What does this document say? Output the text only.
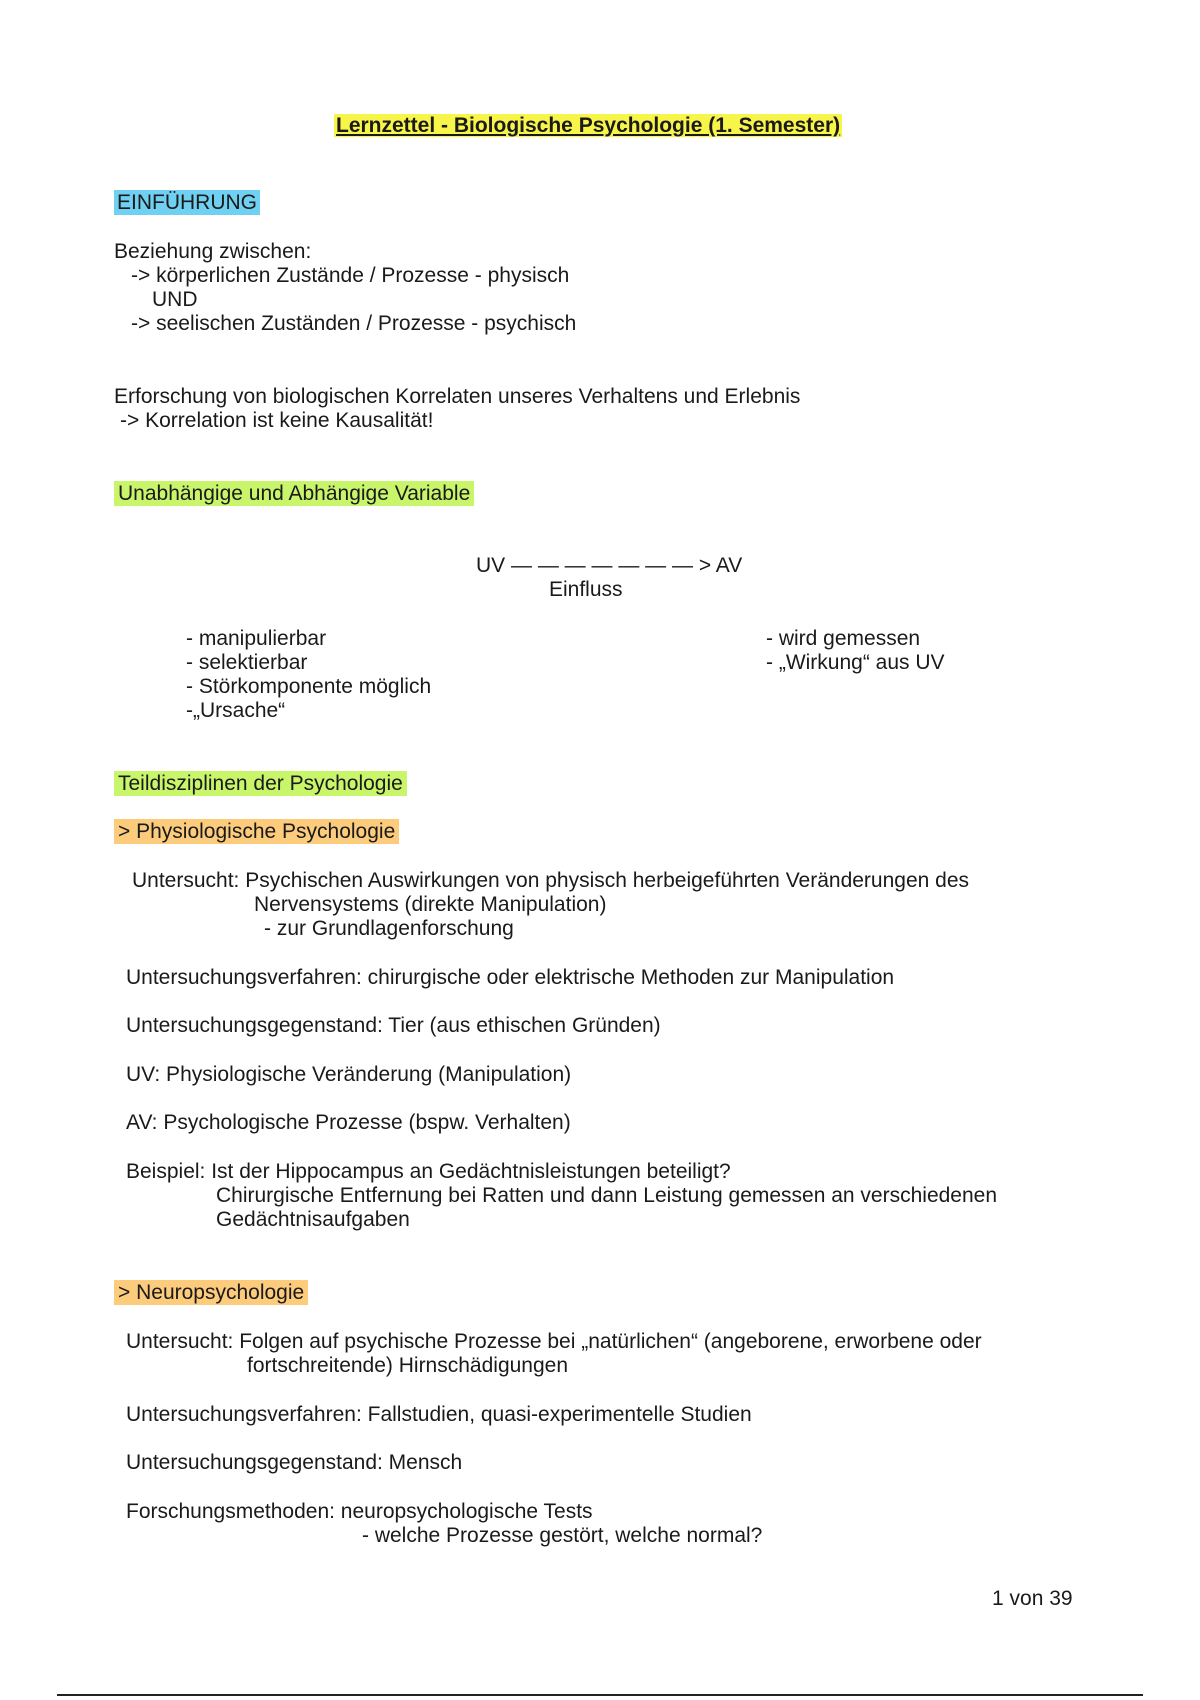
Lernzettel - Biologische Psychologie (1. Semester)
EINFÜHRUNG
Beziehung zwischen:
-> körperlichen Zustände / Prozesse - physisch
UND
-> seelischen Zuständen / Prozesse - psychisch
Erforschung von biologischen Korrelaten unseres Verhaltens und Erlebnis
-> Korrelation ist keine Kausalität!
Unabhängige und Abhängige Variable
UV — — — — — — — > AV
Einfluss
- manipulierbar
- selektierbar
- Störkomponente möglich
-„Ursache“
- wird gemessen
- „Wirkung“ aus UV
Teildisziplinen der Psychologie
> Physiologische Psychologie
Untersucht: Psychischen Auswirkungen von physisch herbeigeführten Veränderungen des
Nervensystems (direkte Manipulation)
- zur Grundlagenforschung
Untersuchungsverfahren: chirurgische oder elektrische Methoden zur Manipulation
Untersuchungsgegenstand: Tier (aus ethischen Gründen)
UV: Physiologische Veränderung (Manipulation)
AV: Psychologische Prozesse (bspw. Verhalten)
Beispiel: Ist der Hippocampus an Gedächtnisleistungen beteiligt?
Chirurgische Entfernung bei Ratten und dann Leistung gemessen an verschiedenen
Gedächtnisaufgaben
> Neuropsychologie
Untersucht: Folgen auf psychische Prozesse bei „natürlichen“ (angeborene, erworbene oder
fortschreitende) Hirnschädigungen
Untersuchungsverfahren: Fallstudien, quasi-experimentelle Studien
Untersuchungsgegenstand: Mensch
Forschungsmethoden: neuropsychologische Tests
- welche Prozesse gestört, welche normal?
1 von 39
